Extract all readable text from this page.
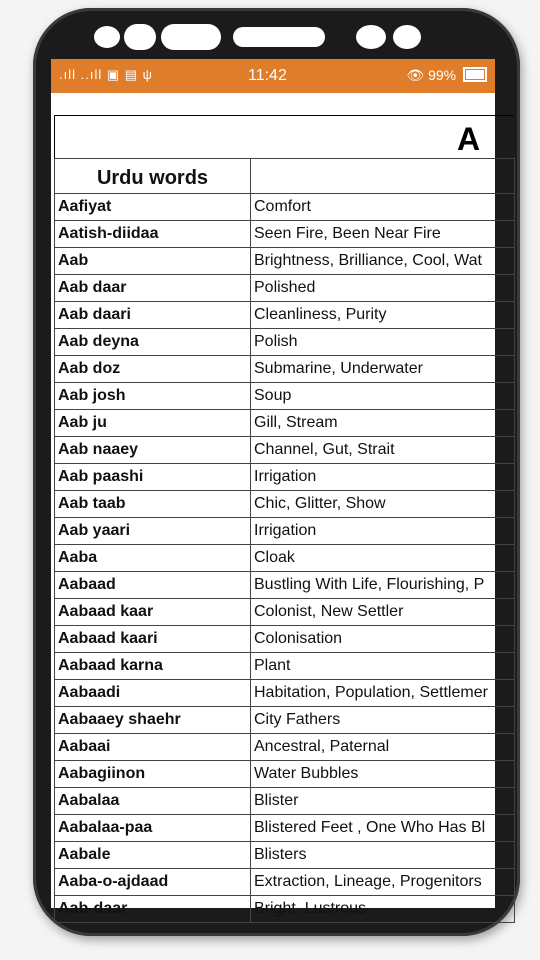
.ıll ..ıll ▣ ▤ ψ	11:42	👁 99%
A
Urdu words	
Aafiyat	Comfort
Aatish-diidaa	Seen Fire, Been Near Fire
Aab	Brightness, Brilliance, Cool, Wat
Aab daar	Polished
Aab daari	Cleanliness, Purity
Aab deyna	Polish
Aab doz	Submarine, Underwater
Aab josh	Soup
Aab ju	Gill, Stream
Aab naaey	Channel, Gut, Strait
Aab paashi	Irrigation
Aab taab	Chic, Glitter, Show
Aab yaari	Irrigation
Aaba	Cloak
Aabaad	Bustling With Life, Flourishing, P
Aabaad kaar	Colonist, New Settler
Aabaad kaari	Colonisation
Aabaad karna	Plant
Aabaadi	Habitation, Population, Settlemer
Aabaaey shaehr	City Fathers
Aabaai	Ancestral, Paternal
Aabagiinon	Water Bubbles
Aabalaa	Blister
Aabalaa-paa	Blistered Feet , One Who Has Bl
Aabale	Blisters
Aaba-o-ajdaad	Extraction, Lineage, Progenitors
Aab-daar	Bright, Lustrous
